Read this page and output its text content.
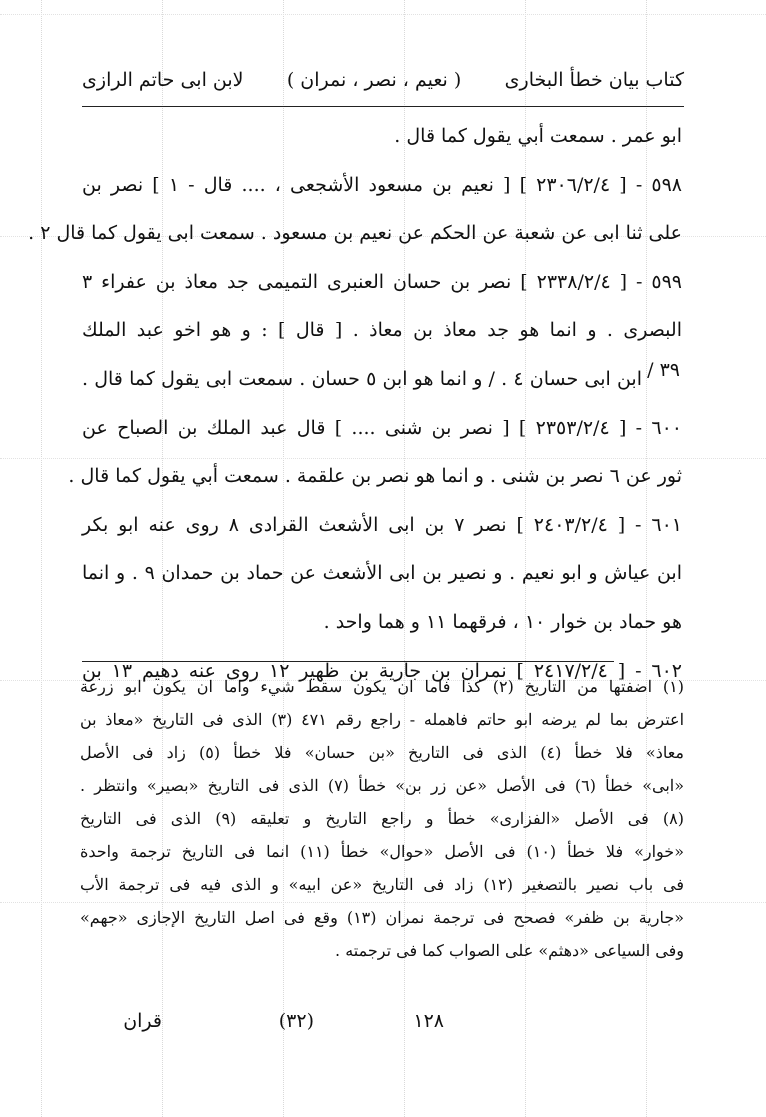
كتاب بيان خطأ البخارى
( نعيم ، نصر ، نمران )
لابن ابى حاتم الرازى
٣٩ /
ابو عمر . سمعت أبي يقول كما قال .
٥٩٨ - [ ٢٣٠٦/٢/٤ ] [ نعيم بن مسعود الأشجعى ، .... قال - ١ ] نصر بن
على ثنا ابى عن شعبة عن الحكم عن نعيم بن مسعود . سمعت ابى يقول كما قال ٢ .
٥٩٩ - [ ٢٣٣٨/٢/٤ ] نصر بن حسان العنبرى التميمى جد معاذ بن عفراء ٣
البصرى . و انما هو جد معاذ بن معاذ . [ قال ] : و هو اخو عبد الملك
ابن ابى حسان ٤ . / و انما هو ابن ٥ حسان . سمعت ابى يقول كما قال .
٦٠٠ - [ ٢٣٥٣/٢/٤ ] [ نصر بن شنى .... ] قال عبد الملك بن الصباح عن
ثور عن ٦ نصر بن شنى . و انما هو نصر بن علقمة . سمعت أبي يقول كما قال .
٦٠١ - [ ٢٤٠٣/٢/٤ ] نصر ٧ بن ابى الأشعث القرادى ٨ روى عنه ابو بكر
ابن عياش و ابو نعيم . و نصير بن ابى الأشعث عن حماد بن حمدان ٩ . و انما
هو حماد بن خوار ١٠ ، فرقهما ١١ و هما واحد .
٦٠٢ - [ ٢٤١٧/٢/٤ ] نمران بن جارية بن ظهير ١٢ روى عنه دهيم ١٣ بن
(١) اضفتها من التاريخ (٢) كذا فاما ان يكون سقط شيء واما ان يكون ابو زرعة
اعترض بما لم يرضه ابو حاتم فاهمله - راجع رقم ٤٧١ (٣) الذى فى التاريخ «معاذ بن
معاذ» فلا خطأ (٤) الذى فى التاريخ «بن حسان» فلا خطأ (٥) زاد فى الأصل
«ابى» خطأ (٦) فى الأصل «عن زر بن» خطأ (٧) الذى فى التاريخ «بصير» وانتظر .
(٨) فى الأصل «الفزارى» خطأ و راجع التاريخ و تعليقه (٩) الذى فى التاريخ
«خوار» فلا خطأ (١٠) فى الأصل «حوال» خطأ (١١) انما فى التاريخ ترجمة واحدة
فى باب نصير بالتصغير (١٢) زاد فى التاريخ «عن ابيه» و الذى فيه فى ترجمة الأب
«جارية بن ظفر» فصحح فى ترجمة نمران (١٣) وقع فى اصل التاريخ الإجازى «جهم»
وفى السياعى «دهثم» على الصواب كما فى ترجمته .
١٢٨
(٣٢)
قران
